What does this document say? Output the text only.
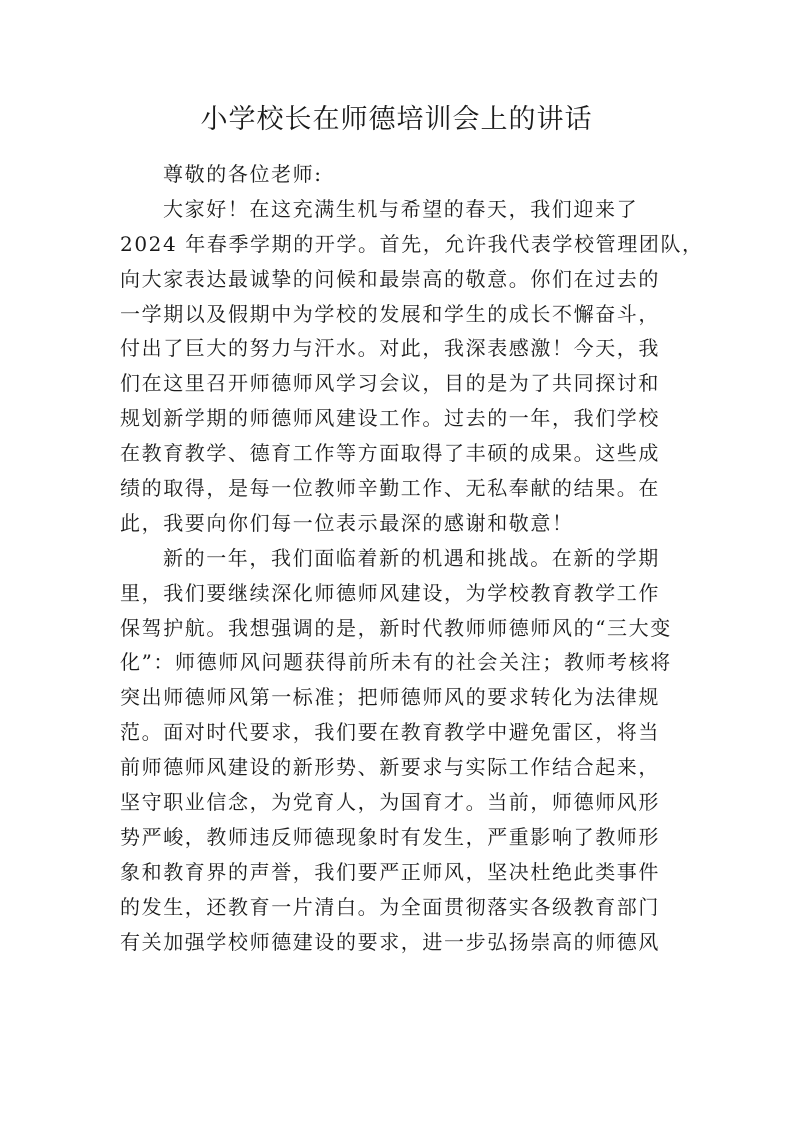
小学校长在师德培训会上的讲话
尊敬的各位老师:
大家好！在这充满生机与希望的春天，我们迎来了
2024 年春季学期的开学。首先，允许我代表学校管理团队，
向大家表达最诚挚的问候和最崇高的敬意。你们在过去的
一学期以及假期中为学校的发展和学生的成长不懈奋斗，
付出了巨大的努力与汗水。对此，我深表感激！今天，我
们在这里召开师德师风学习会议，目的是为了共同探讨和
规划新学期的师德师风建设工作。过去的一年，我们学校
在教育教学、德育工作等方面取得了丰硕的成果。这些成
绩的取得，是每一位教师辛勤工作、无私奉献的结果。在
此，我要向你们每一位表示最深的感谢和敬意！
新的一年，我们面临着新的机遇和挑战。在新的学期
里，我们要继续深化师德师风建设，为学校教育教学工作
保驾护航。我想强调的是，新时代教师师德师风的“三大变
化”：师德师风问题获得前所未有的社会关注；教师考核将
突出师德师风第一标准；把师德师风的要求转化为法律规
范。面对时代要求，我们要在教育教学中避免雷区，将当
前师德师风建设的新形势、新要求与实际工作结合起来，
坚守职业信念，为党育人，为国育才。当前，师德师风形
势严峻，教师违反师德现象时有发生，严重影响了教师形
象和教育界的声誉，我们要严正师风，坚决杜绝此类事件
的发生，还教育一片清白。为全面贯彻落实各级教育部门
有关加强学校师德建设的要求，进一步弘扬崇高的师德风
